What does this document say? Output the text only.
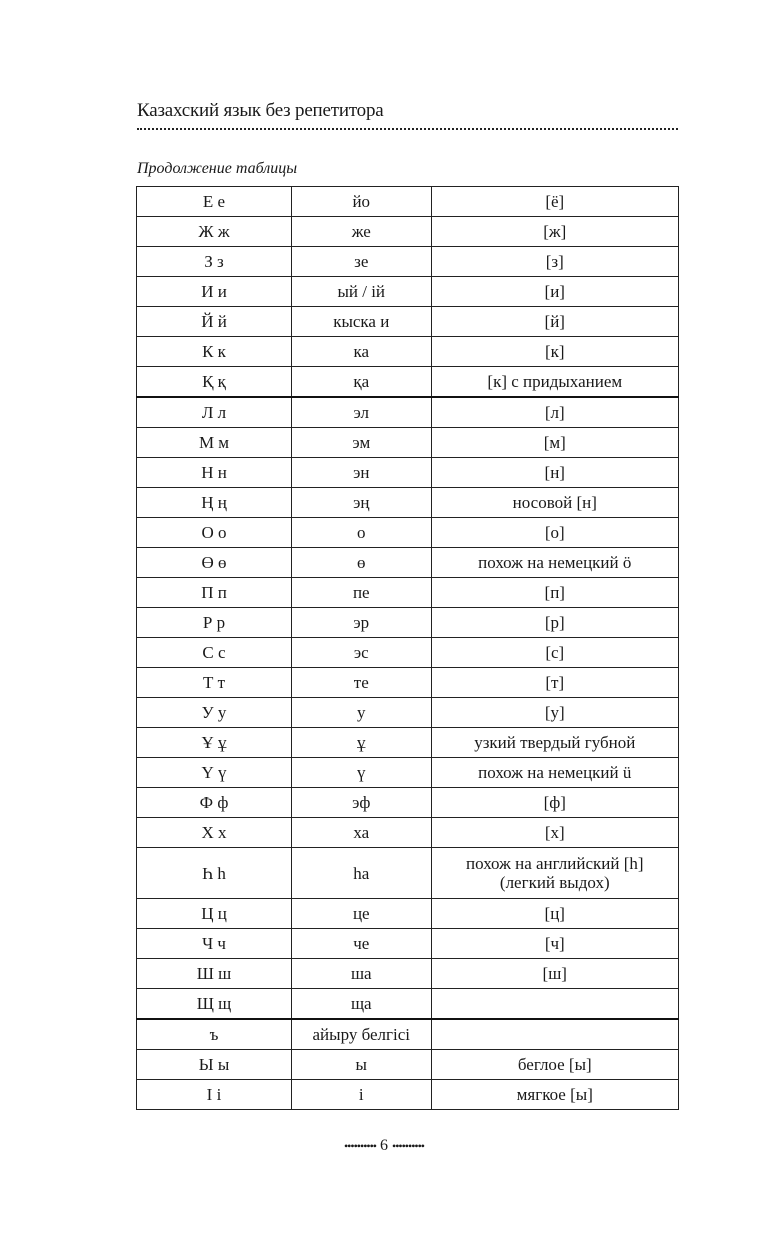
Казахский язык без репетитора
Продолжение таблицы
Е е	йо	[ё]
Ж ж	же	[ж]
З з	зе	[з]
И и	ый / ій	[и]
Й й	кыска и	[й]
К к	ка	[к]
Қ қ	қа	[к] с придыханием
Л л	эл	[л]
М м	эм	[м]
Н н	эн	[н]
Ң ң	эң	носовой [н]
О о	о	[о]
Ө ө	ө	похож на немецкий ö
П п	пе	[п]
Р р	эр	[р]
С с	эс	[с]
Т т	те	[т]
У у	у	[у]
Ұ ұ	ұ	узкий твердый губной
Ү ү	ү	похож на немецкий ü
Ф ф	эф	[ф]
Х х	ха	[х]
Һ һ	һа	похож на английский [h]
(легкий выдох)

Ц ц	це	[ц]
Ч ч	че	[ч]
Ш ш	ша	[ш]
Щ щ	ща	
ъ	айыру белгісі	
Ы ы	ы	беглое [ы]
І і	і	мягкое [ы]
•••••••••• 6 ••••••••••
